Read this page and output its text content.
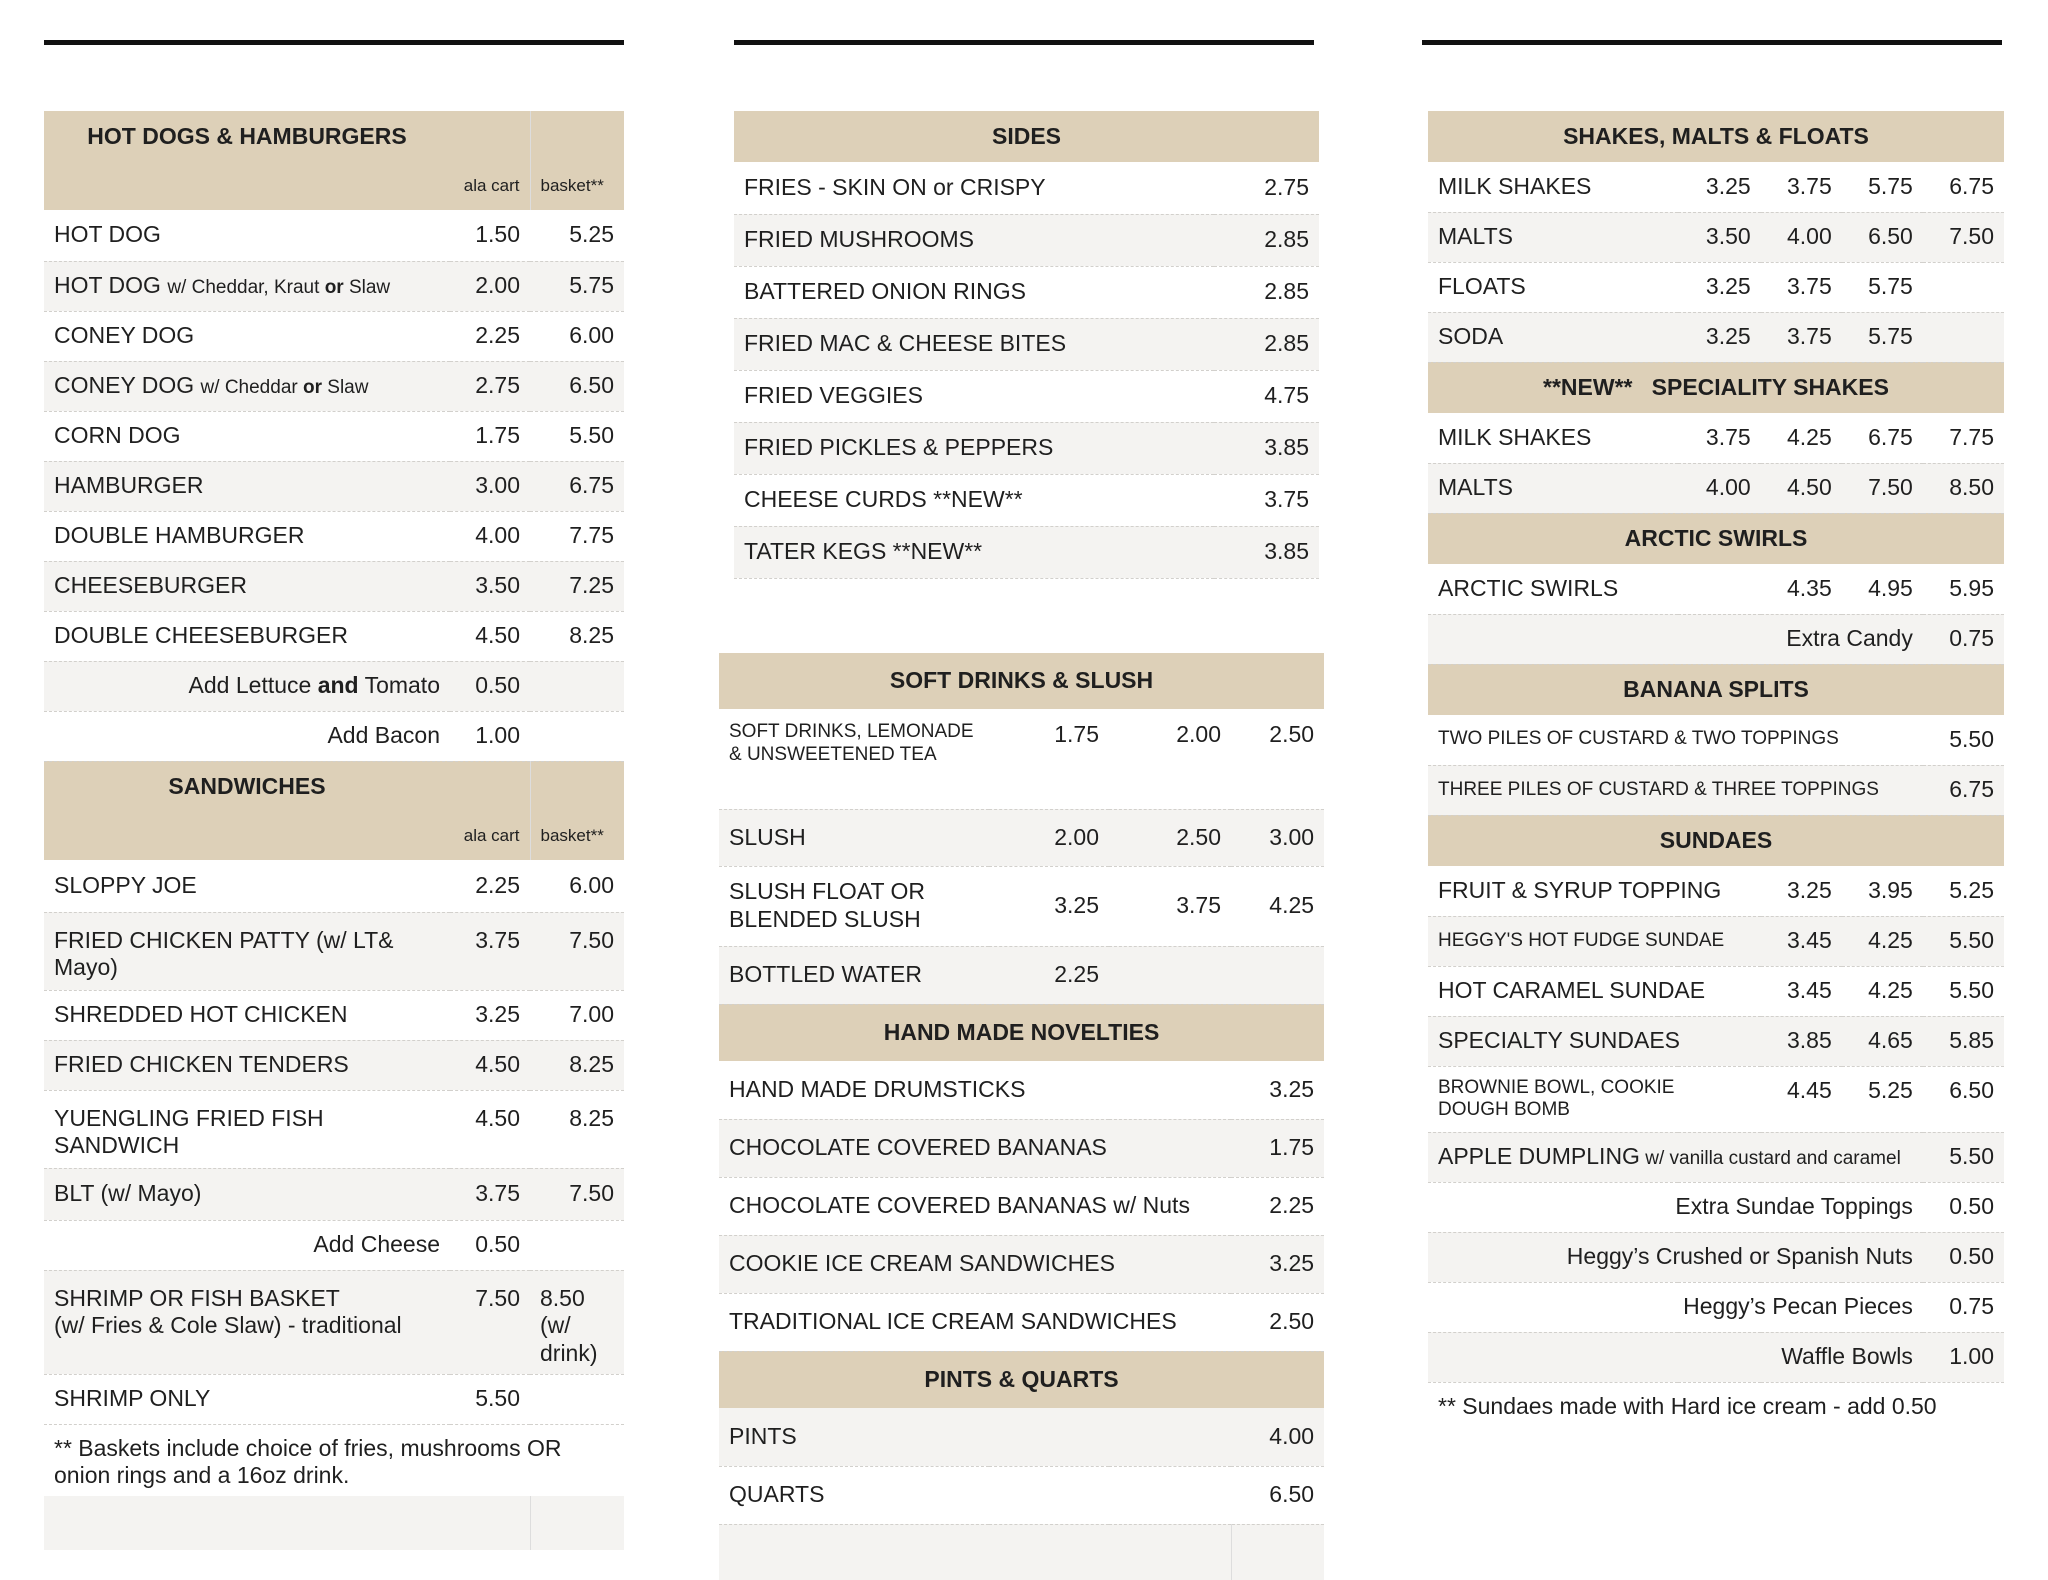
HOT DOGS & HAMBURGERS		
	ala cart	basket**
HOT DOG	1.50	5.25
HOT DOG w/ Cheddar, Kraut or Slaw	2.00	5.75
CONEY DOG	2.25	6.00
CONEY DOG w/ Cheddar or Slaw	2.75	6.50
CORN DOG	1.75	5.50
HAMBURGER	3.00	6.75
DOUBLE HAMBURGER	4.00	7.75
CHEESEBURGER	3.50	7.25
DOUBLE CHEESEBURGER	4.50	8.25
Add Lettuce and Tomato	0.50	
Add Bacon	1.00	
SANDWICHES		
	ala cart	basket**
SLOPPY JOE	2.25	6.00
FRIED CHICKEN PATTY (w/ LT& Mayo)	3.75	7.50
SHREDDED HOT CHICKEN	3.25	7.00
FRIED CHICKEN TENDERS	4.50	8.25
YUENGLING FRIED FISH SANDWICH	4.50	8.25
BLT (w/ Mayo)	3.75	7.50
Add Cheese	0.50	

SHRIMP OR FISH BASKET
(w/ Fries & Cole Slaw) - traditional	7.50	8.50 (w/ drink)
SHRIMP ONLY	5.50	
** Baskets include choice of fries, mushrooms OR onion rings and a 16oz drink.		

SIDES	
FRIES - SKIN ON or CRISPY	2.75
FRIED MUSHROOMS	2.85
BATTERED ONION RINGS	2.85
FRIED MAC & CHEESE BITES	2.85
FRIED VEGGIES	4.75
FRIED PICKLES & PEPPERS	3.85
CHEESE CURDS **NEW**	3.75
TATER KEGS **NEW**	3.85
SOFT DRINKS & SLUSH			
SOFT DRINKS, LEMONADE & UNSWEETENED TEA	1.75	2.00	2.50
SLUSH	2.00	2.50	3.00
SLUSH FLOAT OR BLENDED SLUSH	3.25	3.75	4.25
BOTTLED WATER	2.25		
HAND MADE NOVELTIES			
HAND MADE DRUMSTICKS			3.25
CHOCOLATE COVERED BANANAS			1.75
CHOCOLATE COVERED BANANAS w/ Nuts			2.25
COOKIE ICE CREAM SANDWICHES			3.25
TRADITIONAL ICE CREAM SANDWICHES			2.50
PINTS & QUARTS			
PINTS			4.00
QUARTS			6.50

SHAKES, MALTS & FLOATS				
MILK SHAKES	3.25	3.75	5.75	6.75
MALTS	3.50	4.00	6.50	7.50
FLOATS	3.25	3.75	5.75	
SODA	3.25	3.75	5.75	
**NEW**   SPECIALITY SHAKES				
MILK SHAKES	3.75	4.25	6.75	7.75
MALTS	4.00	4.50	7.50	8.50
ARCTIC SWIRLS				
ARCTIC SWIRLS		4.35	4.95	5.95
Extra Candy				0.75
BANANA SPLITS				
TWO PILES OF CUSTARD & TWO TOPPINGS				5.50
THREE PILES OF CUSTARD & THREE TOPPINGS				6.75
SUNDAES				
FRUIT & SYRUP TOPPING		3.25	3.95	5.25
HEGGY'S HOT FUDGE SUNDAE		3.45	4.25	5.50
HOT CARAMEL SUNDAE		3.45	4.25	5.50
SPECIALTY SUNDAES		3.85	4.65	5.85
BROWNIE BOWL, COOKIE DOUGH BOMB		4.45	5.25	6.50
APPLE DUMPLING w/ vanilla custard and caramel				5.50
Extra Sundae Toppings				0.50
Heggy’s Crushed or Spanish Nuts				0.50
Heggy’s Pecan Pieces				0.75
Waffle Bowls				1.00
** Sundaes made with Hard ice cream - add 0.50				
